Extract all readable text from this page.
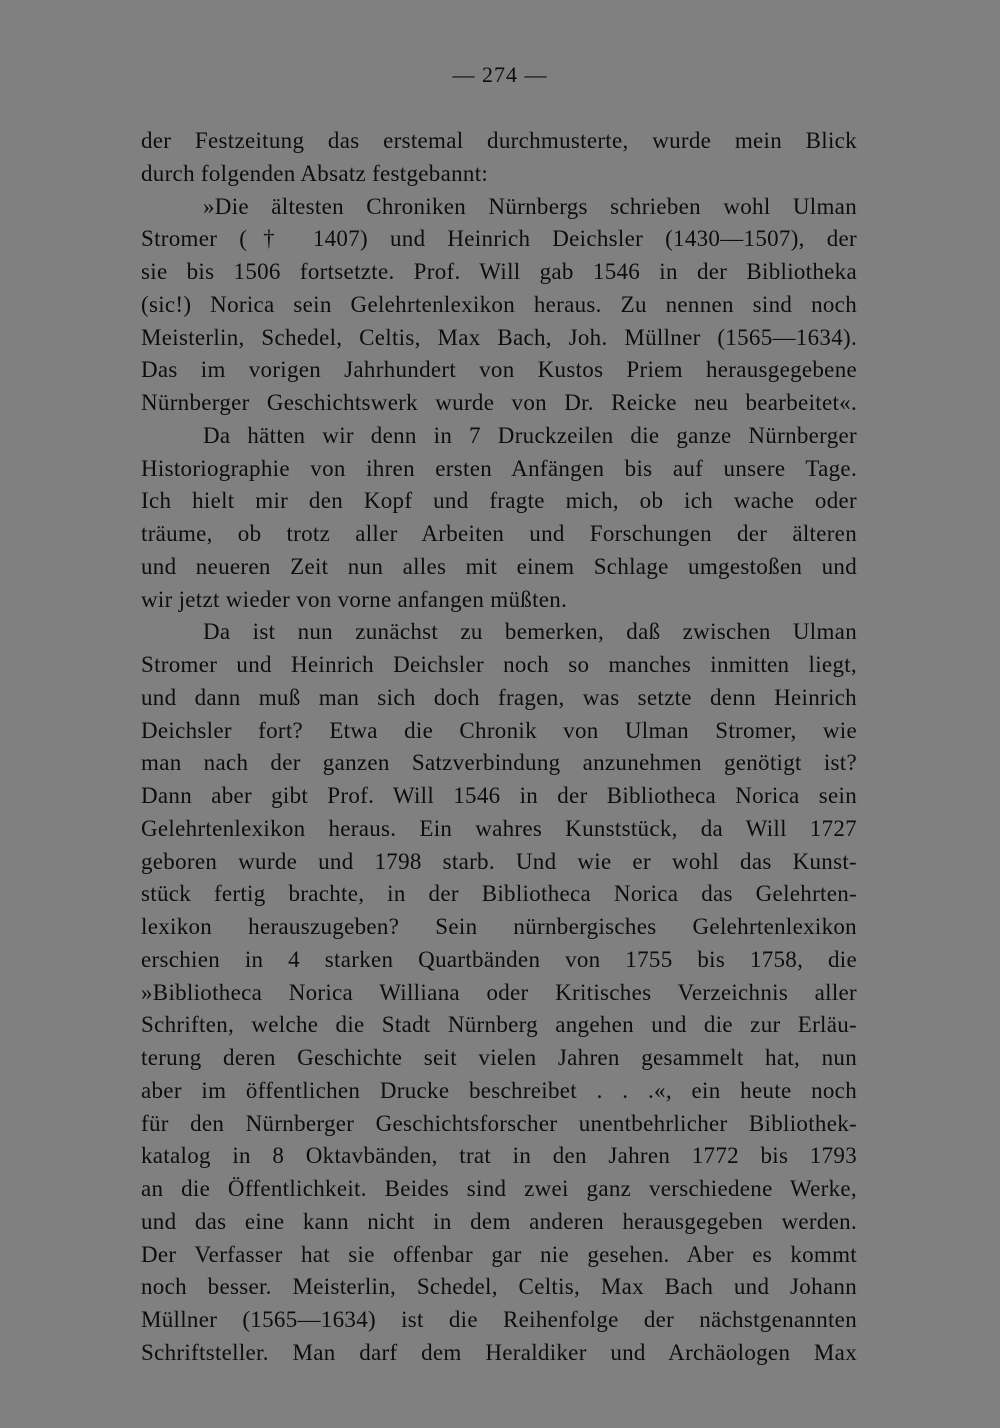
— 274 —
der Festzeitung das erstemal durchmusterte, wurde mein Blick
durch folgenden Absatz festgebannt:
»Die ältesten Chroniken Nürnbergs schrieben wohl Ulman
Stromer († 1407) und Heinrich Deichsler (1430—1507), der
sie bis 1506 fortsetzte. Prof. Will gab 1546 in der Bibliotheka
(sic!) Norica sein Gelehrtenlexikon heraus. Zu nennen sind noch
Meisterlin, Schedel, Celtis, Max Bach, Joh. Müllner (1565—1634).
Das im vorigen Jahrhundert von Kustos Priem herausgegebene
Nürnberger Geschichtswerk wurde von Dr. Reicke neu bearbeitet«.
Da hätten wir denn in 7 Druckzeilen die ganze Nürnberger
Historiographie von ihren ersten Anfängen bis auf unsere Tage.
Ich hielt mir den Kopf und fragte mich, ob ich wache oder
träume, ob trotz aller Arbeiten und Forschungen der älteren
und neueren Zeit nun alles mit einem Schlage umgestoßen und
wir jetzt wieder von vorne anfangen müßten.
Da ist nun zunächst zu bemerken, daß zwischen Ulman
Stromer und Heinrich Deichsler noch so manches inmitten liegt,
und dann muß man sich doch fragen, was setzte denn Heinrich
Deichsler fort? Etwa die Chronik von Ulman Stromer, wie
man nach der ganzen Satzverbindung anzunehmen genötigt ist?
Dann aber gibt Prof. Will 1546 in der Bibliotheca Norica sein
Gelehrtenlexikon heraus. Ein wahres Kunststück, da Will 1727
geboren wurde und 1798 starb. Und wie er wohl das Kunst-
stück fertig brachte, in der Bibliotheca Norica das Gelehrten-
lexikon herauszugeben? Sein nürnbergisches Gelehrtenlexikon
erschien in 4 starken Quartbänden von 1755 bis 1758, die
»Bibliotheca Norica Williana oder Kritisches Verzeichnis aller
Schriften, welche die Stadt Nürnberg angehen und die zur Erläu-
terung deren Geschichte seit vielen Jahren gesammelt hat, nun
aber im öffentlichen Drucke beschreibet . . .«, ein heute noch
für den Nürnberger Geschichtsforscher unentbehrlicher Bibliothek-
katalog in 8 Oktavbänden, trat in den Jahren 1772 bis 1793
an die Öffentlichkeit. Beides sind zwei ganz verschiedene Werke,
und das eine kann nicht in dem anderen herausgegeben werden.
Der Verfasser hat sie offenbar gar nie gesehen. Aber es kommt
noch besser. Meisterlin, Schedel, Celtis, Max Bach und Johann
Müllner (1565—1634) ist die Reihenfolge der nächstgenannten
Schriftsteller. Man darf dem Heraldiker und Archäologen Max
